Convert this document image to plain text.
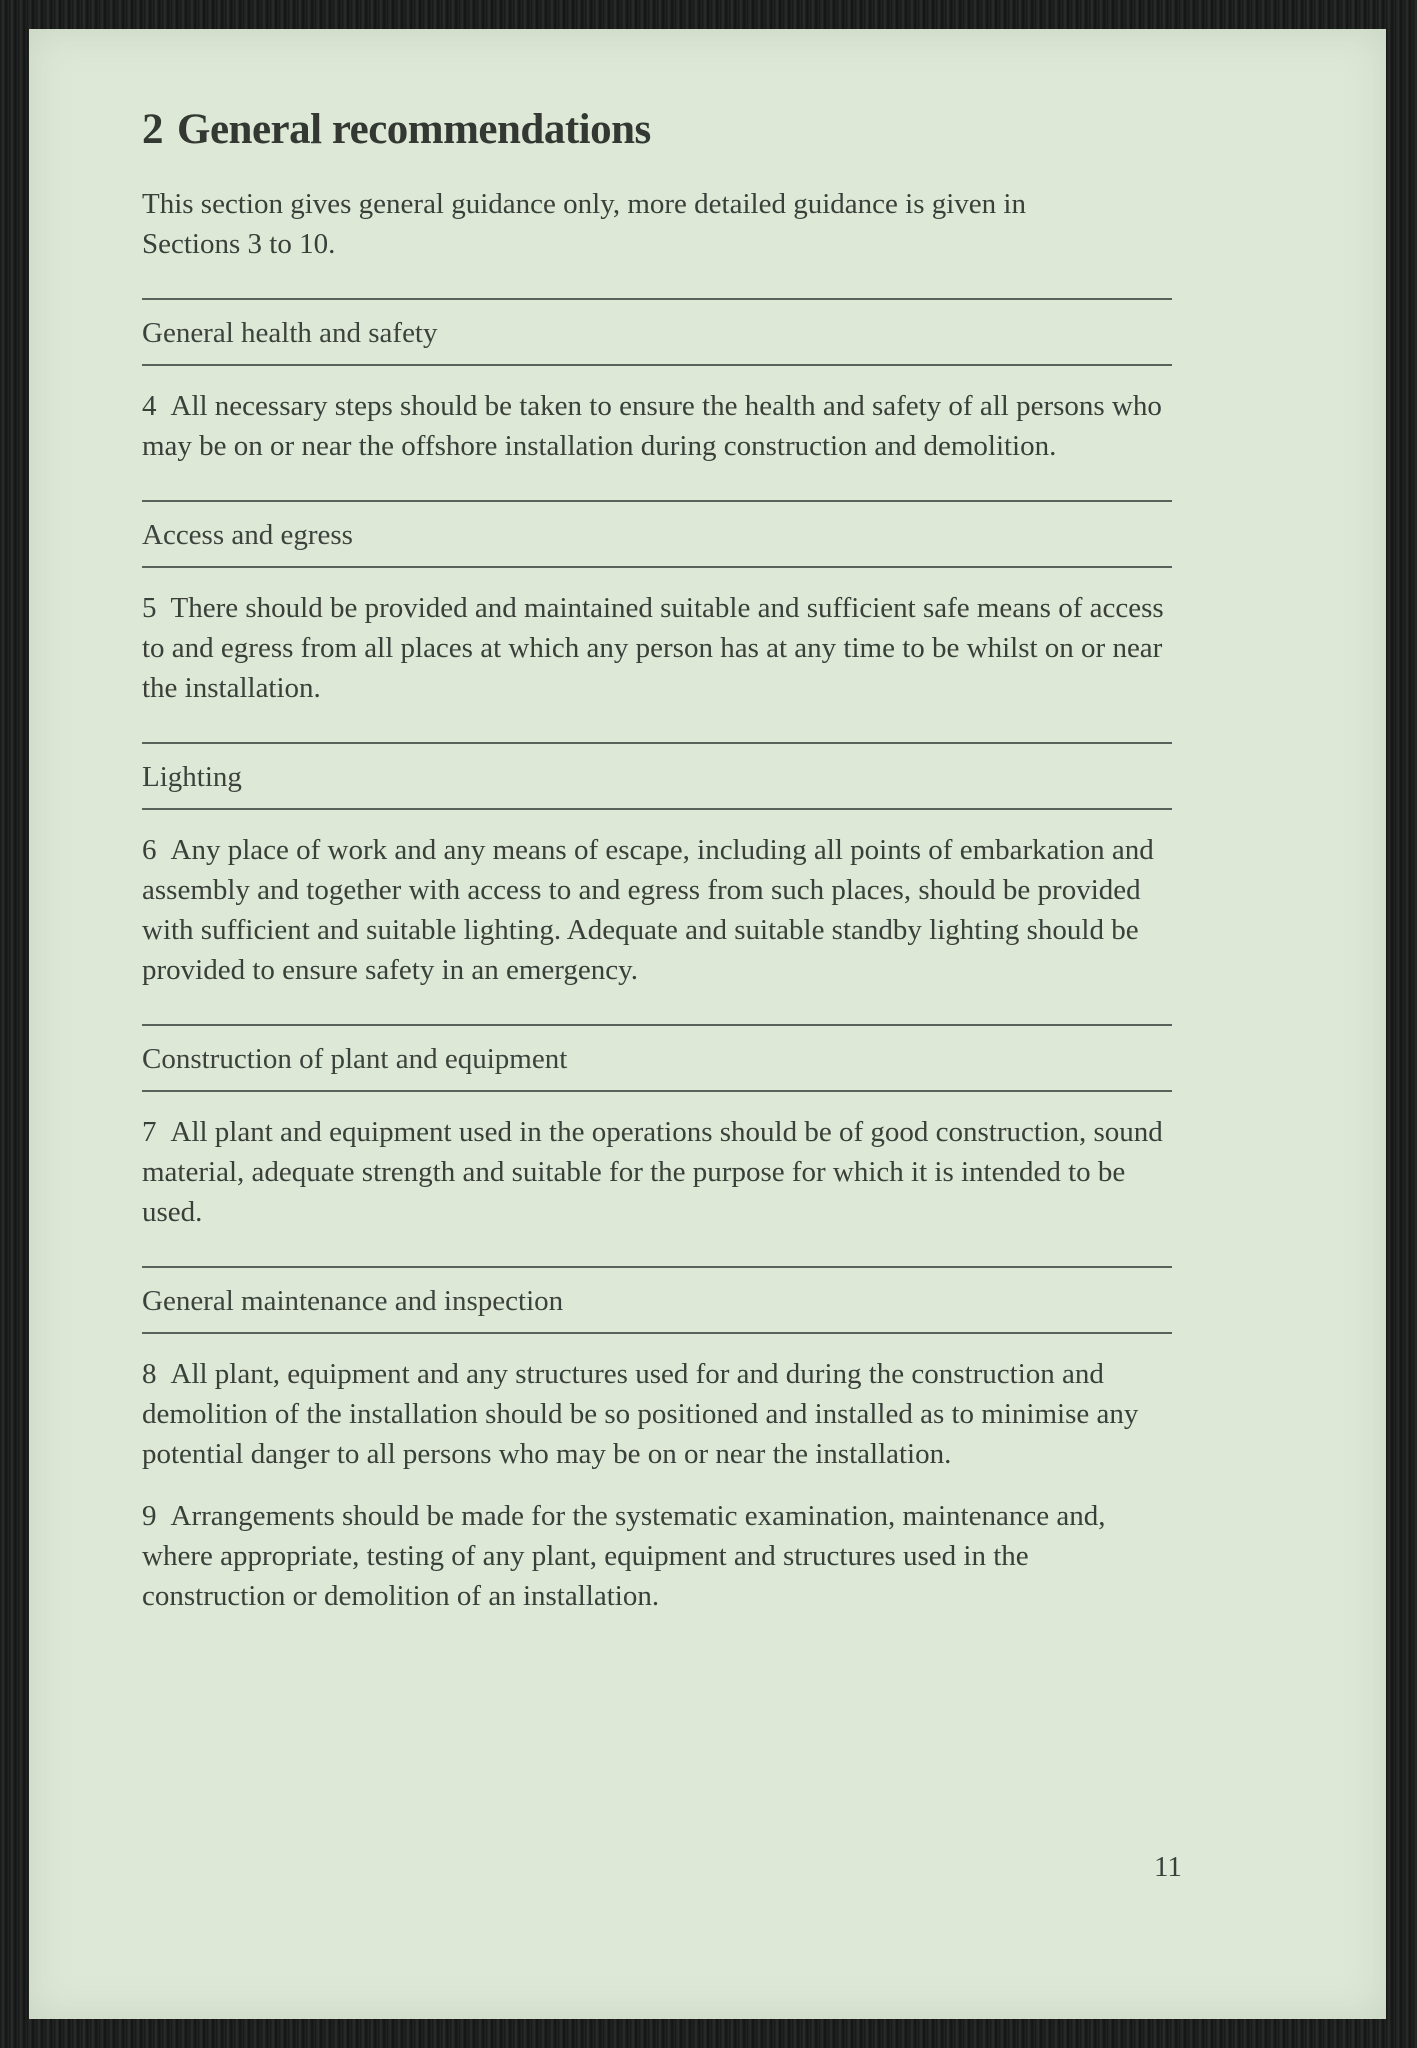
2 General recommendations

This section gives general guidance only, more detailed guidance is given in Sections 3 to 10.

General health and safety

4 All necessary steps should be taken to ensure the health and safety of all persons who may be on or near the offshore installation during construction and demolition.

Access and egress

5 There should be provided and maintained suitable and sufficient safe means of access to and egress from all places at which any person has at any time to be whilst on or near the installation.

Lighting

6 Any place of work and any means of escape, including all points of embarkation and assembly and together with access to and egress from such places, should be provided with sufficient and suitable lighting. Adequate and suitable standby lighting should be provided to ensure safety in an emergency.

Construction of plant and equipment

7 All plant and equipment used in the operations should be of good construction, sound material, adequate strength and suitable for the purpose for which it is intended to be used.

General maintenance and inspection

8 All plant, equipment and any structures used for and during the construction and demolition of the installation should be so positioned and installed as to minimise any potential danger to all persons who may be on or near the installation.

9 Arrangements should be made for the systematic examination, maintenance and, where appropriate, testing of any plant, equipment and structures used in the construction or demolition of an installation.

11
